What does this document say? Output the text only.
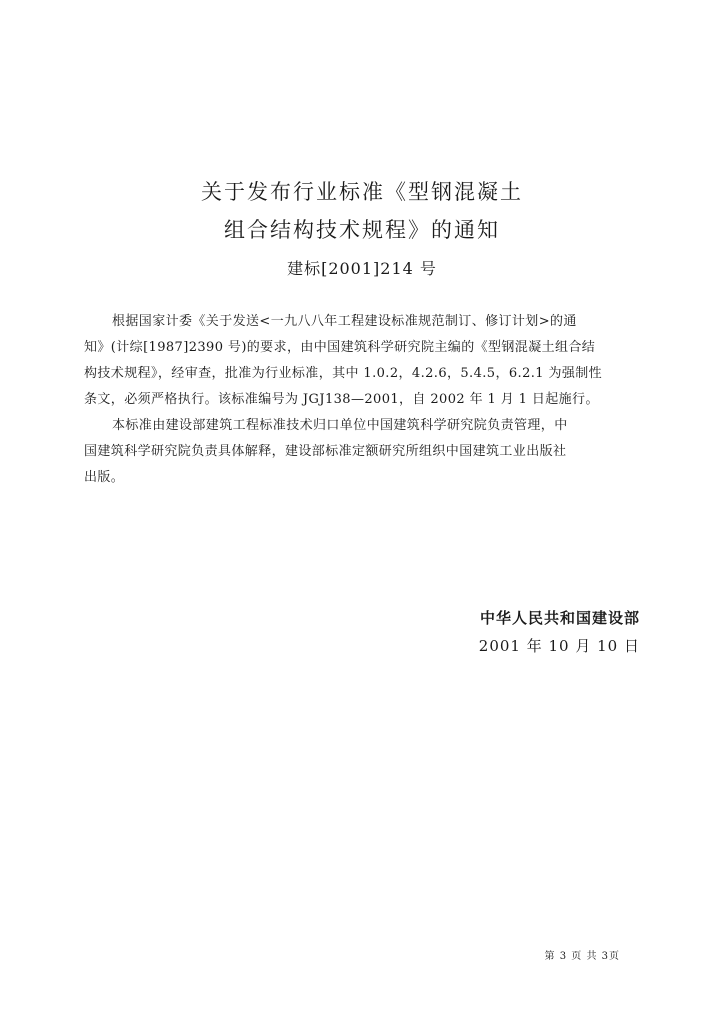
关于发布行业标准《型钢混凝土
组合结构技术规程》的通知
建标[2001]214 号
根据国家计委《关于发送<一九八八年工程建设标准规范制订、修订计划>的通
知》(计综[1987]2390 号)的要求，由中国建筑科学研究院主编的《型钢混凝土组合结
构技术规程》，经审查，批准为行业标准，其中 1.0.2，4.2.6，5.4.5，6.2.1 为强制性
条文，必须严格执行。该标准编号为 JGJ138—2001，自 2002 年 1 月 1 日起施行。
本标准由建设部建筑工程标准技术归口单位中国建筑科学研究院负责管理，中
国建筑科学研究院负责具体解释，建设部标准定额研究所组织中国建筑工业出版社
出版。
中华人民共和国建设部
2001 年 10 月 10 日
第 3 页 共 3页
